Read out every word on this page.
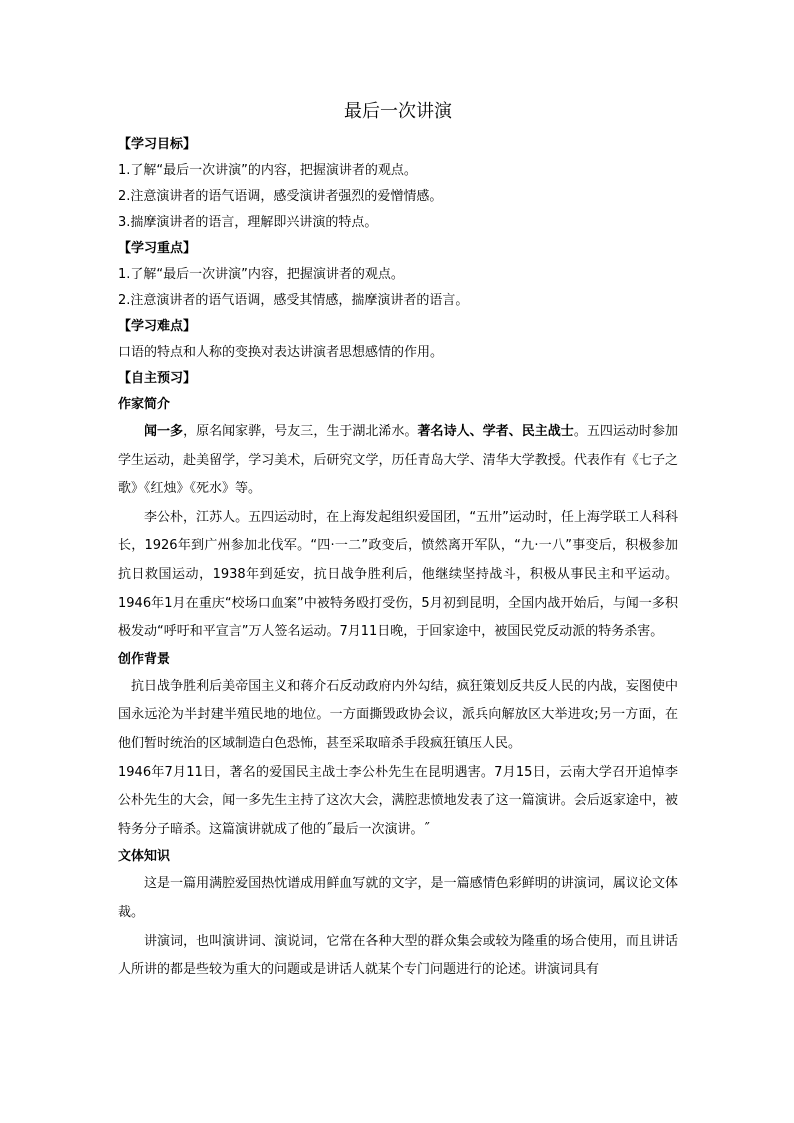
最后一次讲演
【学习目标】
1.了解“最后一次讲演”的内容，把握演讲者的观点。
2.注意演讲者的语气语调，感受演讲者强烈的爱憎情感。
3.揣摩演讲者的语言，理解即兴讲演的特点。
【学习重点】
1.了解“最后一次讲演”内容，把握演讲者的观点。
2.注意演讲者的语气语调，感受其情感，揣摩演讲者的语言。
【学习难点】
口语的特点和人称的变换对表达讲演者思想感情的作用。
【自主预习】
作家简介

闻一多，原名闻家骅，号友三，生于湖北浠水。著名诗人、学者、民主战士。五四运动时参加学生运动，赴美留学，学习美术，后研究文学，历任青岛大学、清华大学教授。代表作有《七子之歌》《红烛》《死水》等。

李公朴，江苏人。五四运动时，在上海发起组织爱国团，“五卅”运动时，任上海学联工人科科长，1926年到广州参加北伐军。“四·一二”政变后，愤然离开军队，“九·一八”事变后，积极参加抗日救国运动，1938年到延安，抗日战争胜利后，他继续坚持战斗，积极从事民主和平运动。1946年1月在重庆“校场口血案”中被特务殴打受伤，5月初到昆明，全国内战开始后，与闻一多积极发动“呼吁和平宣言”万人签名运动。7月11日晚，于回家途中，被国民党反动派的特务杀害。

创作背景

抗日战争胜利后美帝国主义和蒋介石反动政府内外勾结，疯狂策划反共反人民的内战，妄图使中国永远沦为半封建半殖民地的地位。一方面撕毁政协会议，派兵向解放区大举进攻;另一方面，在他们暂时统治的区域制造白色恐怖，甚至采取暗杀手段疯狂镇压人民。

1946年7月11日，著名的爱国民主战士李公朴先生在昆明遇害。7月15日，云南大学召开追悼李公朴先生的大会，闻一多先生主持了这次大会，满腔悲愤地发表了这一篇演讲。会后返家途中，被特务分子暗杀。这篇演讲就成了他的˝最后一次演讲。˝

文体知识

这是一篇用满腔爱国热忱谱成用鲜血写就的文字，是一篇感情色彩鲜明的讲演词，属议论文体裁。

讲演词，也叫演讲词、演说词，它常在各种大型的群众集会或较为隆重的场合使用，而且讲话人所讲的都是些较为重大的问题或是讲话人就某个专门问题进行的论述。讲演词具有
